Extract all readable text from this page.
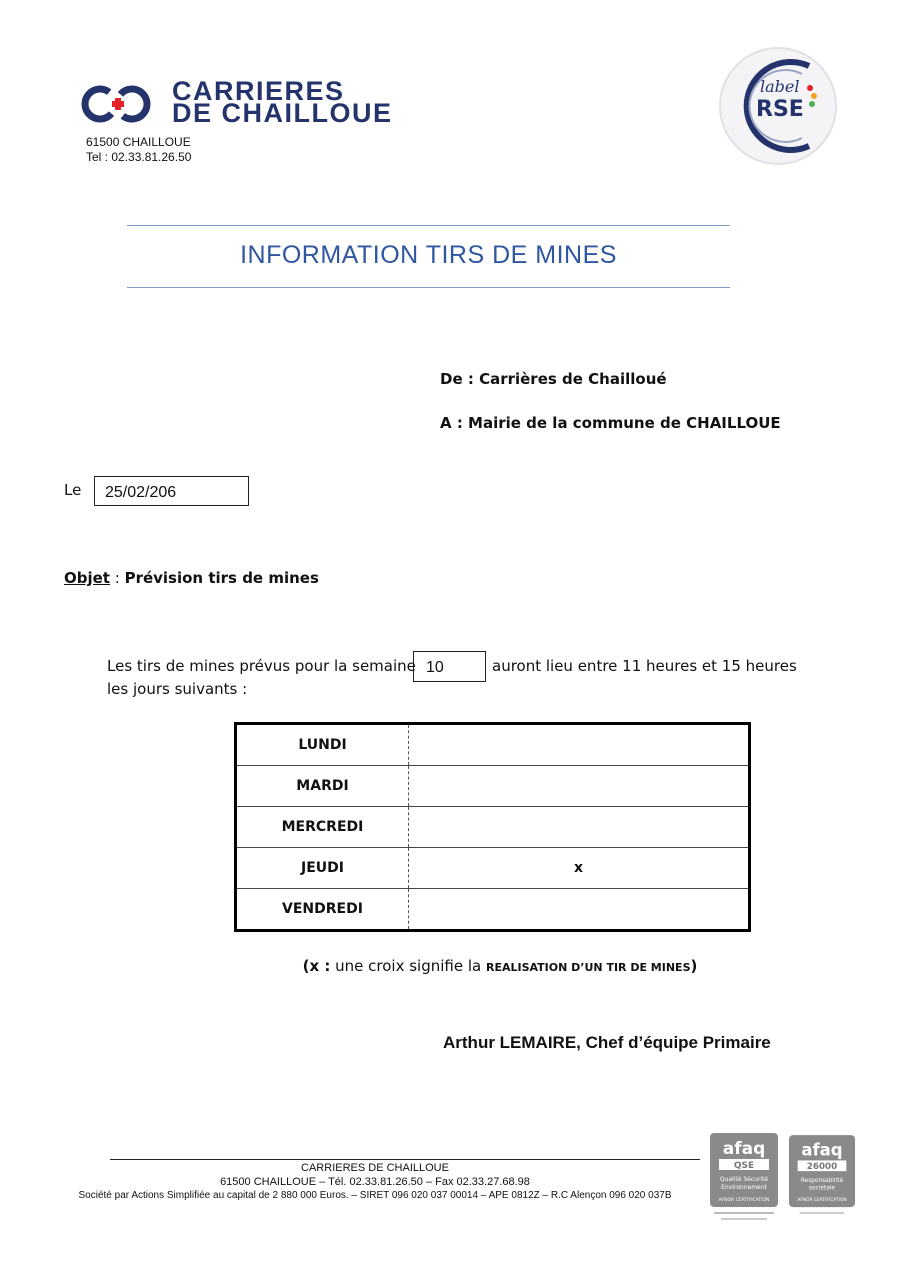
CARRIERES
DE CHAILLOUE
61500 CHAILLOUE
Tel : 02.33.81.26.50
label
RSE
INFORMATION TIRS DE MINES
De : Carrières de Chailloué
A : Mairie de la commune de CHAILLOUE
Le	25/02/206
Objet : Prévision tirs de mines
Les tirs de mines prévus pour la semaine 10	auront lieu entre 11 heures et 15 heures
les jours suivants :
LUNDI	
MARDI	
MERCREDI	
JEUDI	x
VENDREDI	
(x : une croix signifie la REALISATION D’UN TIR DE MINES)
Arthur LEMAIRE, Chef d’équipe Primaire
CARRIERES DE CHAILLOUE
61500 CHAILLOUE – Tél. 02.33.81.26.50 – Fax 02.33.27.68.98
Société par Actions Simplifiée au capital de 2 880 000 Euros. – SIRET 096 020 037 00014 – APE 0812Z – R.C Alençon 096 020 037B
afaq
QSE
Qualité Sécurité
Environnement
AFNOR CERTIFICATION
afaq
26000
Responsabilité
sociétale
AFNOR CERTIFICATION
